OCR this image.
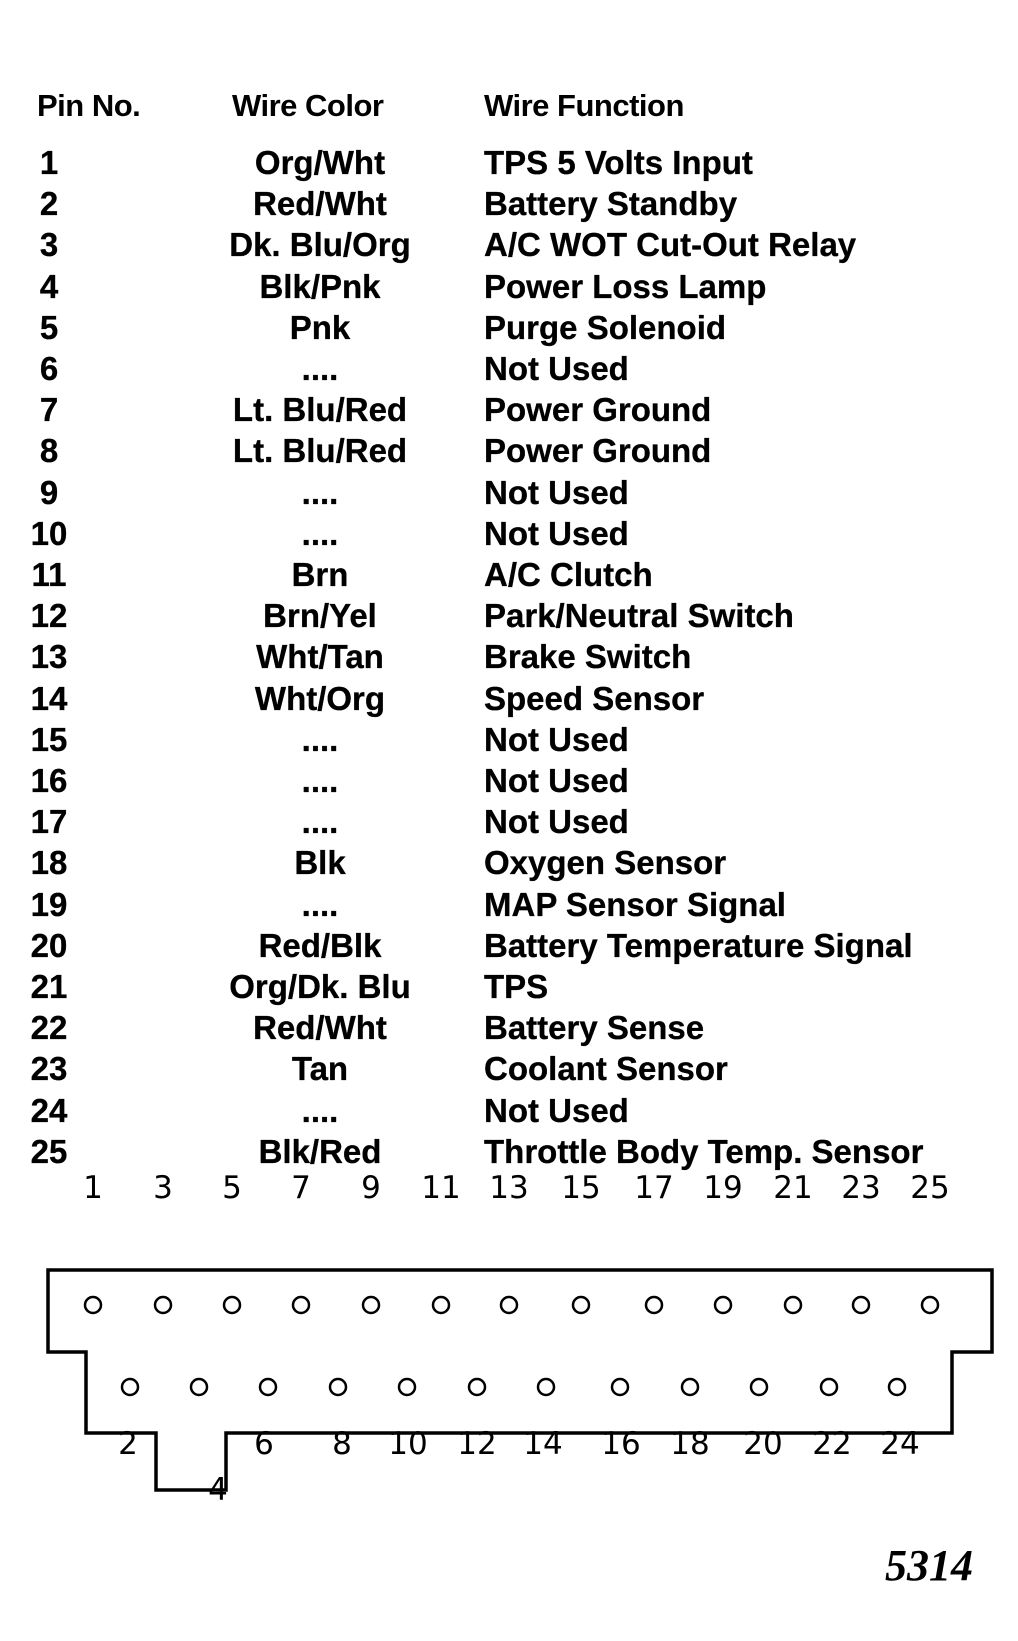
Pin No.	Wire Color	Wire Function
1	Org/Wht	TPS 5 Volts Input
2	Red/Wht	Battery Standby
3	Dk. Blu/Org	A/C WOT Cut-Out Relay
4	Blk/Pnk	Power Loss Lamp
5	Pnk	Purge Solenoid
6	....	Not Used
7	Lt. Blu/Red	Power Ground
8	Lt. Blu/Red	Power Ground
9	....	Not Used
10	....	Not Used
11	Brn	A/C Clutch
12	Brn/Yel	Park/Neutral Switch
13	Wht/Tan	Brake Switch
14	Wht/Org	Speed Sensor
15	....	Not Used
16	....	Not Used
17	....	Not Used
18	Blk	Oxygen Sensor
19	....	MAP Sensor Signal
20	Red/Blk	Battery Temperature Signal
21	Org/Dk. Blu	TPS
22	Red/Wht	Battery Sense
23	Tan	Coolant Sensor
24	....	Not Used
25	Blk/Red	Throttle Body Temp. Sensor
1 3 5 7 9 11 13 15 17 19 21 23 25
2
4
6 8 10 12 14 16 18 20 22 24
5314
